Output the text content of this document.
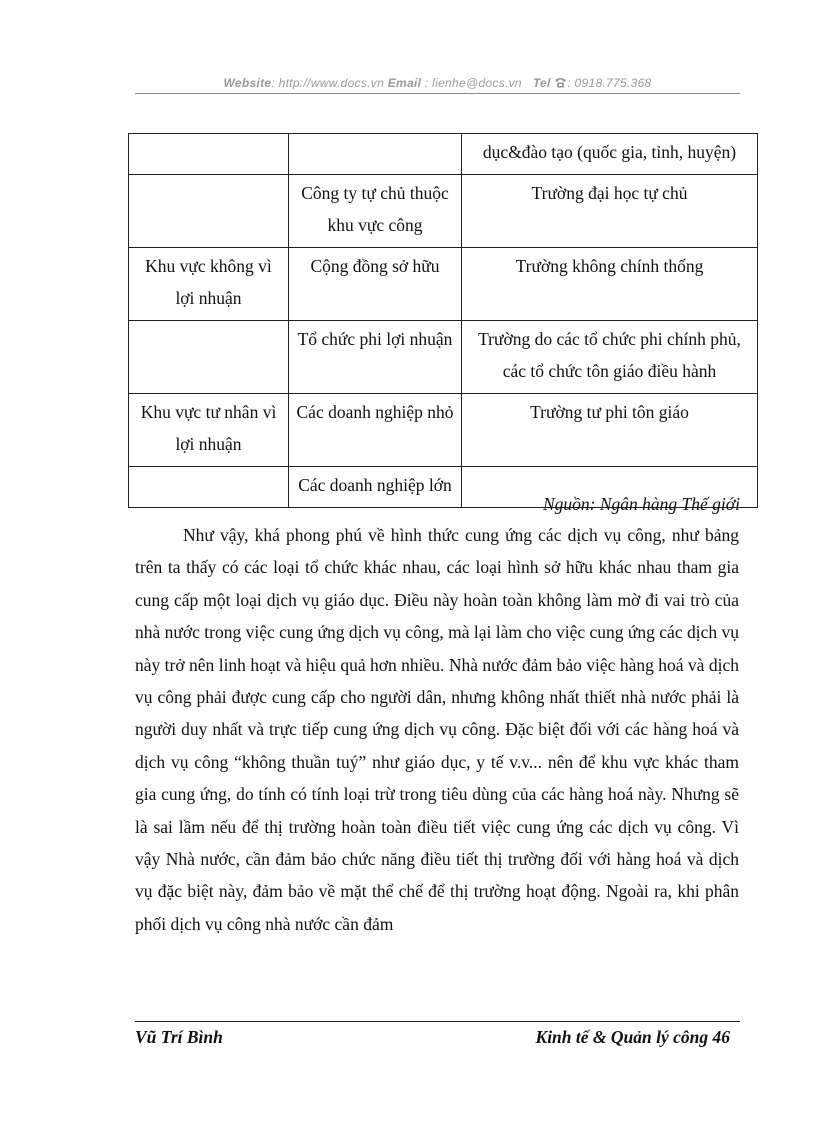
Website: http://www.docs.vn Email : lienhe@docs.vn Tel : 0918.775.368
		dục&đào tạo (quốc gia, tỉnh, huyện)
	Công ty tự chủ thuộc khu vực công	Trường đại học tự chủ
Khu vực không vì lợi nhuận	Cộng đồng sở hữu	Trường không chính thống
	Tổ chức phi lợi nhuận	Trường do các tổ chức phi chính phủ, các tổ chức tôn giáo điều hành
Khu vực tư nhân vì lợi nhuận	Các doanh nghiệp nhỏ	Trường tư phi tôn giáo
	Các doanh nghiệp lớn	
Nguồn: Ngân hàng Thế giới

Như vậy, khá phong phú về hình thức cung ứng các dịch vụ công, như bảng trên ta thấy có các loại tổ chức khác nhau, các loại hình sở hữu khác nhau tham gia cung cấp một loại dịch vụ giáo dục. Điều này hoàn toàn không làm mờ đi vai trò của nhà nước trong việc cung ứng dịch vụ công, mà lại làm cho việc cung ứng các dịch vụ này trở nên linh hoạt và hiệu quả hơn nhiều. Nhà nước đảm bảo việc hàng hoá và dịch vụ công phải được cung cấp cho người dân, nhưng không nhất thiết nhà nước phải là người duy nhất và trực tiếp cung ứng dịch vụ công. Đặc biệt đối với các hàng hoá và dịch vụ công “không thuần tuý” như giáo dục, y tế v.v... nên để khu vực khác tham gia cung ứng, do tính có tính loại trừ trong tiêu dùng của các hàng hoá này. Nhưng sẽ là sai lầm nếu để thị trường hoàn toàn điều tiết việc cung ứng các dịch vụ công. Vì vậy Nhà nước, cần đảm bảo chức năng điều tiết thị trường đối với hàng hoá và dịch vụ đặc biệt này, đảm bảo về mặt thể chế để thị trường hoạt động. Ngoài ra, khi phân phối dịch vụ công nhà nước cần đảm

Vũ Trí Bình	Kinh tế & Quản lý công 46
